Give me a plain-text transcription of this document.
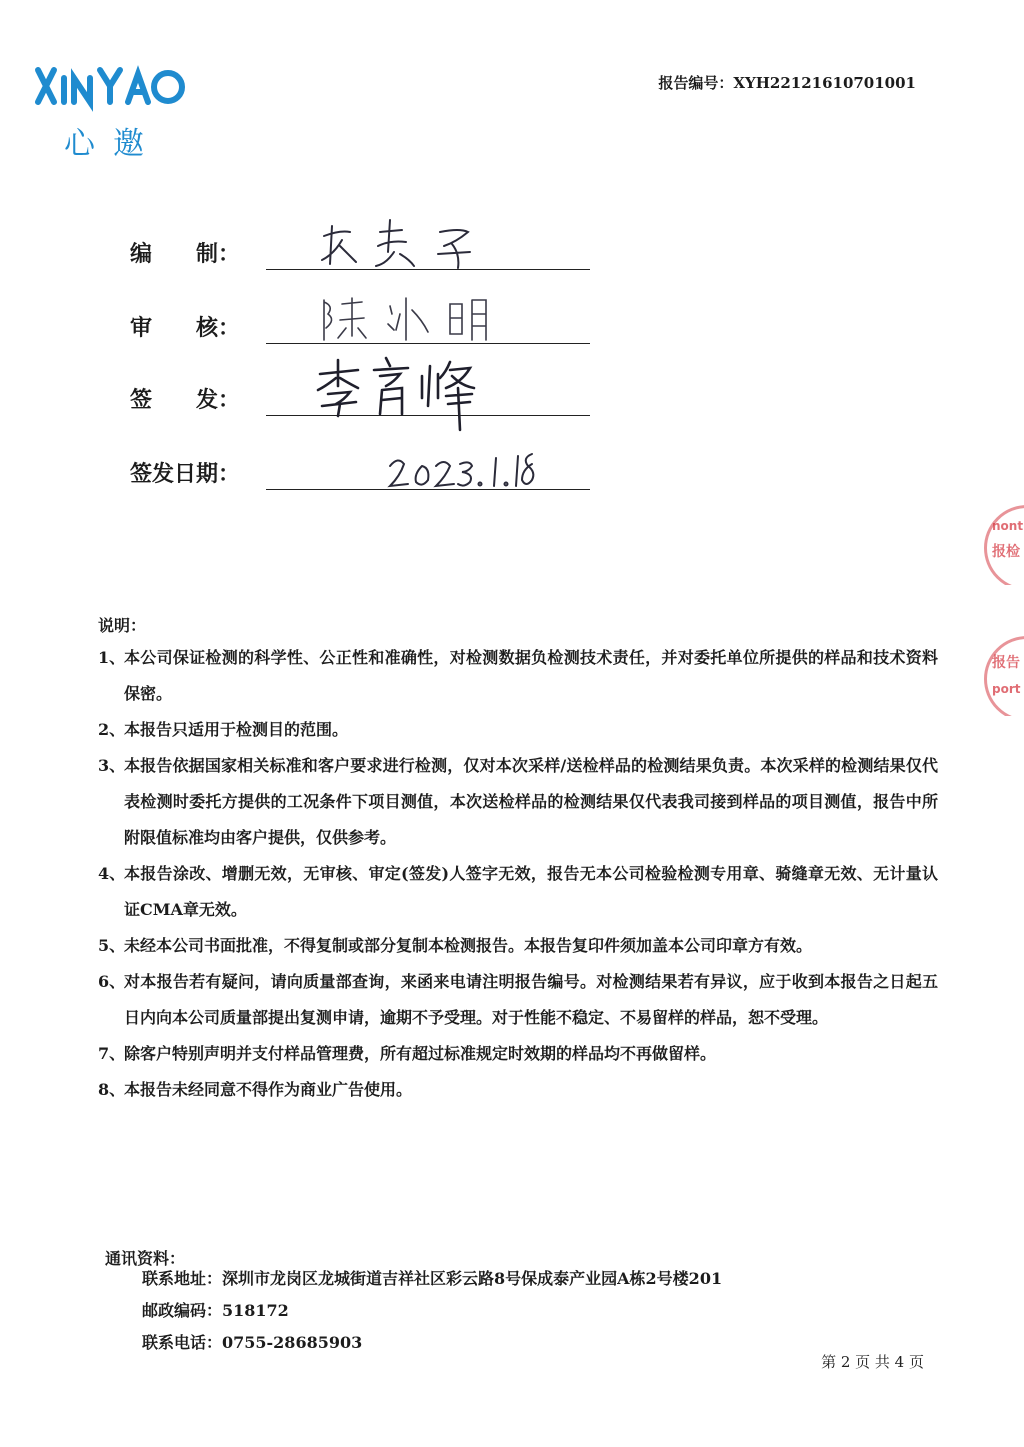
心邀
报告编号：XYH22121610701001
编 制：
审 核：
签 发：
签发日期：
nont
报检
报告
port
说明：
1、
本公司保证检测的科学性、公正性和准确性，对检测数据负检测技术责任，并对委托单位所提供的样品和技术资料保密。
2、
本报告只适用于检测目的范围。
3、
本报告依据国家相关标准和客户要求进行检测，仅对本次采样/送检样品的检测结果负责。本次采样的检测结果仅代表检测时委托方提供的工况条件下项目测值，本次送检样品的检测结果仅代表我司接到样品的项目测值，报告中所附限值标准均由客户提供，仅供参考。
4、
本报告涂改、增删无效，无审核、审定(签发)人签字无效，报告无本公司检验检测专用章、骑缝章无效、无计量认证CMA章无效。
5、
未经本公司书面批准，不得复制或部分复制本检测报告。本报告复印件须加盖本公司印章方有效。
6、
对本报告若有疑问，请向质量部查询，来函来电请注明报告编号。对检测结果若有异议，应于收到本报告之日起五日内向本公司质量部提出复测申请，逾期不予受理。对于性能不稳定、不易留样的样品，恕不受理。
7、
除客户特别声明并支付样品管理费，所有超过标准规定时效期的样品均不再做留样。
8、
本报告未经同意不得作为商业广告使用。
通讯资料：
联系地址：深圳市龙岗区龙城街道吉祥社区彩云路8号保成泰产业园A栋2号楼201
邮政编码：518172
联系电话：0755-28685903
第 2 页 共 4 页
